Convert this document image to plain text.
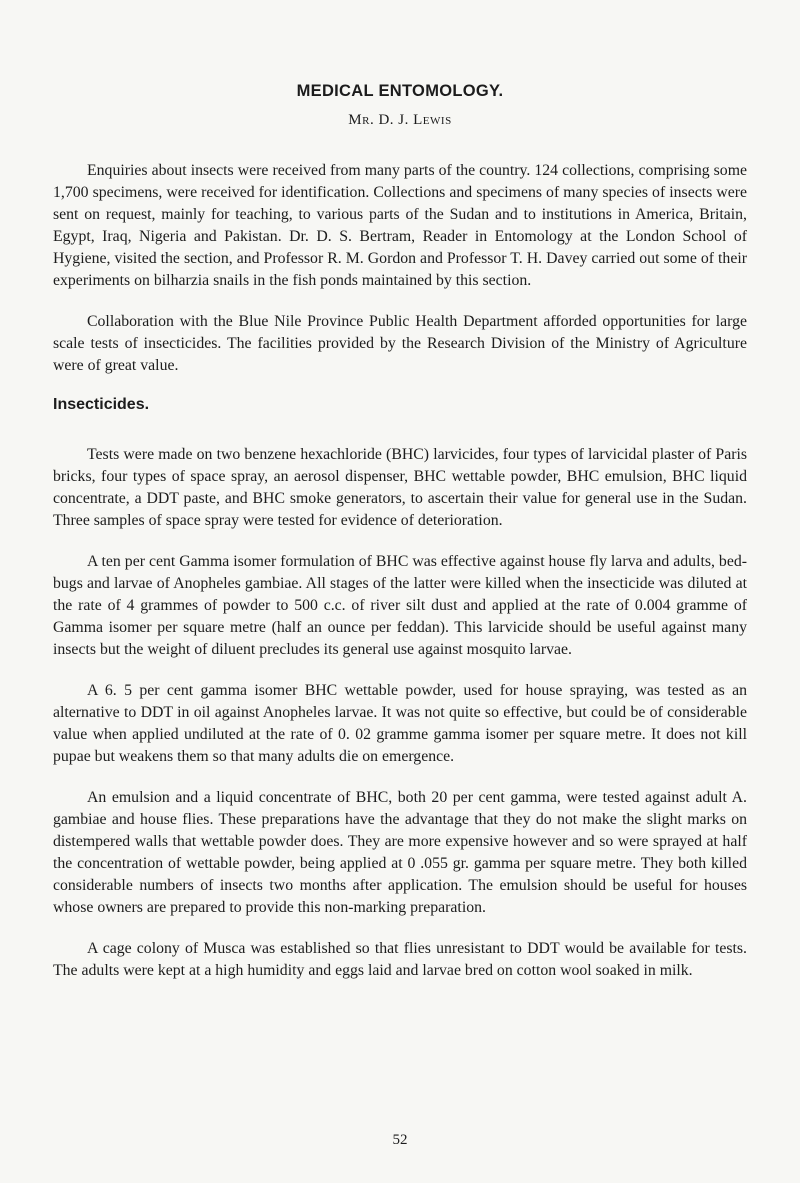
MEDICAL ENTOMOLOGY.
Mr. D. J. Lewis

Enquiries about insects were received from many parts of the country. 124 collections, comprising some 1,700 specimens, were received for identification. Collections and specimens of many species of insects were sent on request, mainly for teaching, to various parts of the Sudan and to institutions in America, Britain, Egypt, Iraq, Nigeria and Pakistan. Dr. D. S. Bertram, Reader in Entomology at the London School of Hygiene, visited the section, and Professor R. M. Gordon and Professor T. H. Davey carried out some of their experiments on bilharzia snails in the fish ponds maintained by this section.

Collaboration with the Blue Nile Province Public Health Department afforded opportunities for large scale tests of insecticides. The facilities provided by the Research Division of the Ministry of Agriculture were of great value.

Insecticides.

Tests were made on two benzene hexachloride (BHC) larvicides, four types of larvicidal plaster of Paris bricks, four types of space spray, an aerosol dispenser, BHC wettable powder, BHC emulsion, BHC liquid concentrate, a DDT paste, and BHC smoke generators, to ascertain their value for general use in the Sudan. Three samples of space spray were tested for evidence of deterioration.

A ten per cent Gamma isomer formulation of BHC was effective against house fly larva and adults, bed-bugs and larvae of Anopheles gambiae. All stages of the latter were killed when the insecticide was diluted at the rate of 4 grammes of powder to 500 c.c. of river silt dust and applied at the rate of 0.004 gramme of Gamma isomer per square metre (half an ounce per feddan). This larvicide should be useful against many insects but the weight of diluent precludes its general use against mosquito larvae.

A 6. 5 per cent gamma isomer BHC wettable powder, used for house spraying, was tested as an alternative to DDT in oil against Anopheles larvae. It was not quite so effective, but could be of considerable value when applied undiluted at the rate of 0. 02 gramme gamma isomer per square metre. It does not kill pupae but weakens them so that many adults die on emergence.

An emulsion and a liquid concentrate of BHC, both 20 per cent gamma, were tested against adult A. gambiae and house flies. These preparations have the advantage that they do not make the slight marks on distempered walls that wettable powder does. They are more expensive however and so were sprayed at half the concentration of wettable powder, being applied at 0 .055 gr. gamma per square metre. They both killed considerable numbers of insects two months after application. The emulsion should be useful for houses whose owners are prepared to provide this non-marking preparation.

A cage colony of Musca was established so that flies unresistant to DDT would be available for tests. The adults were kept at a high humidity and eggs laid and larvae bred on cotton wool soaked in milk.

52
